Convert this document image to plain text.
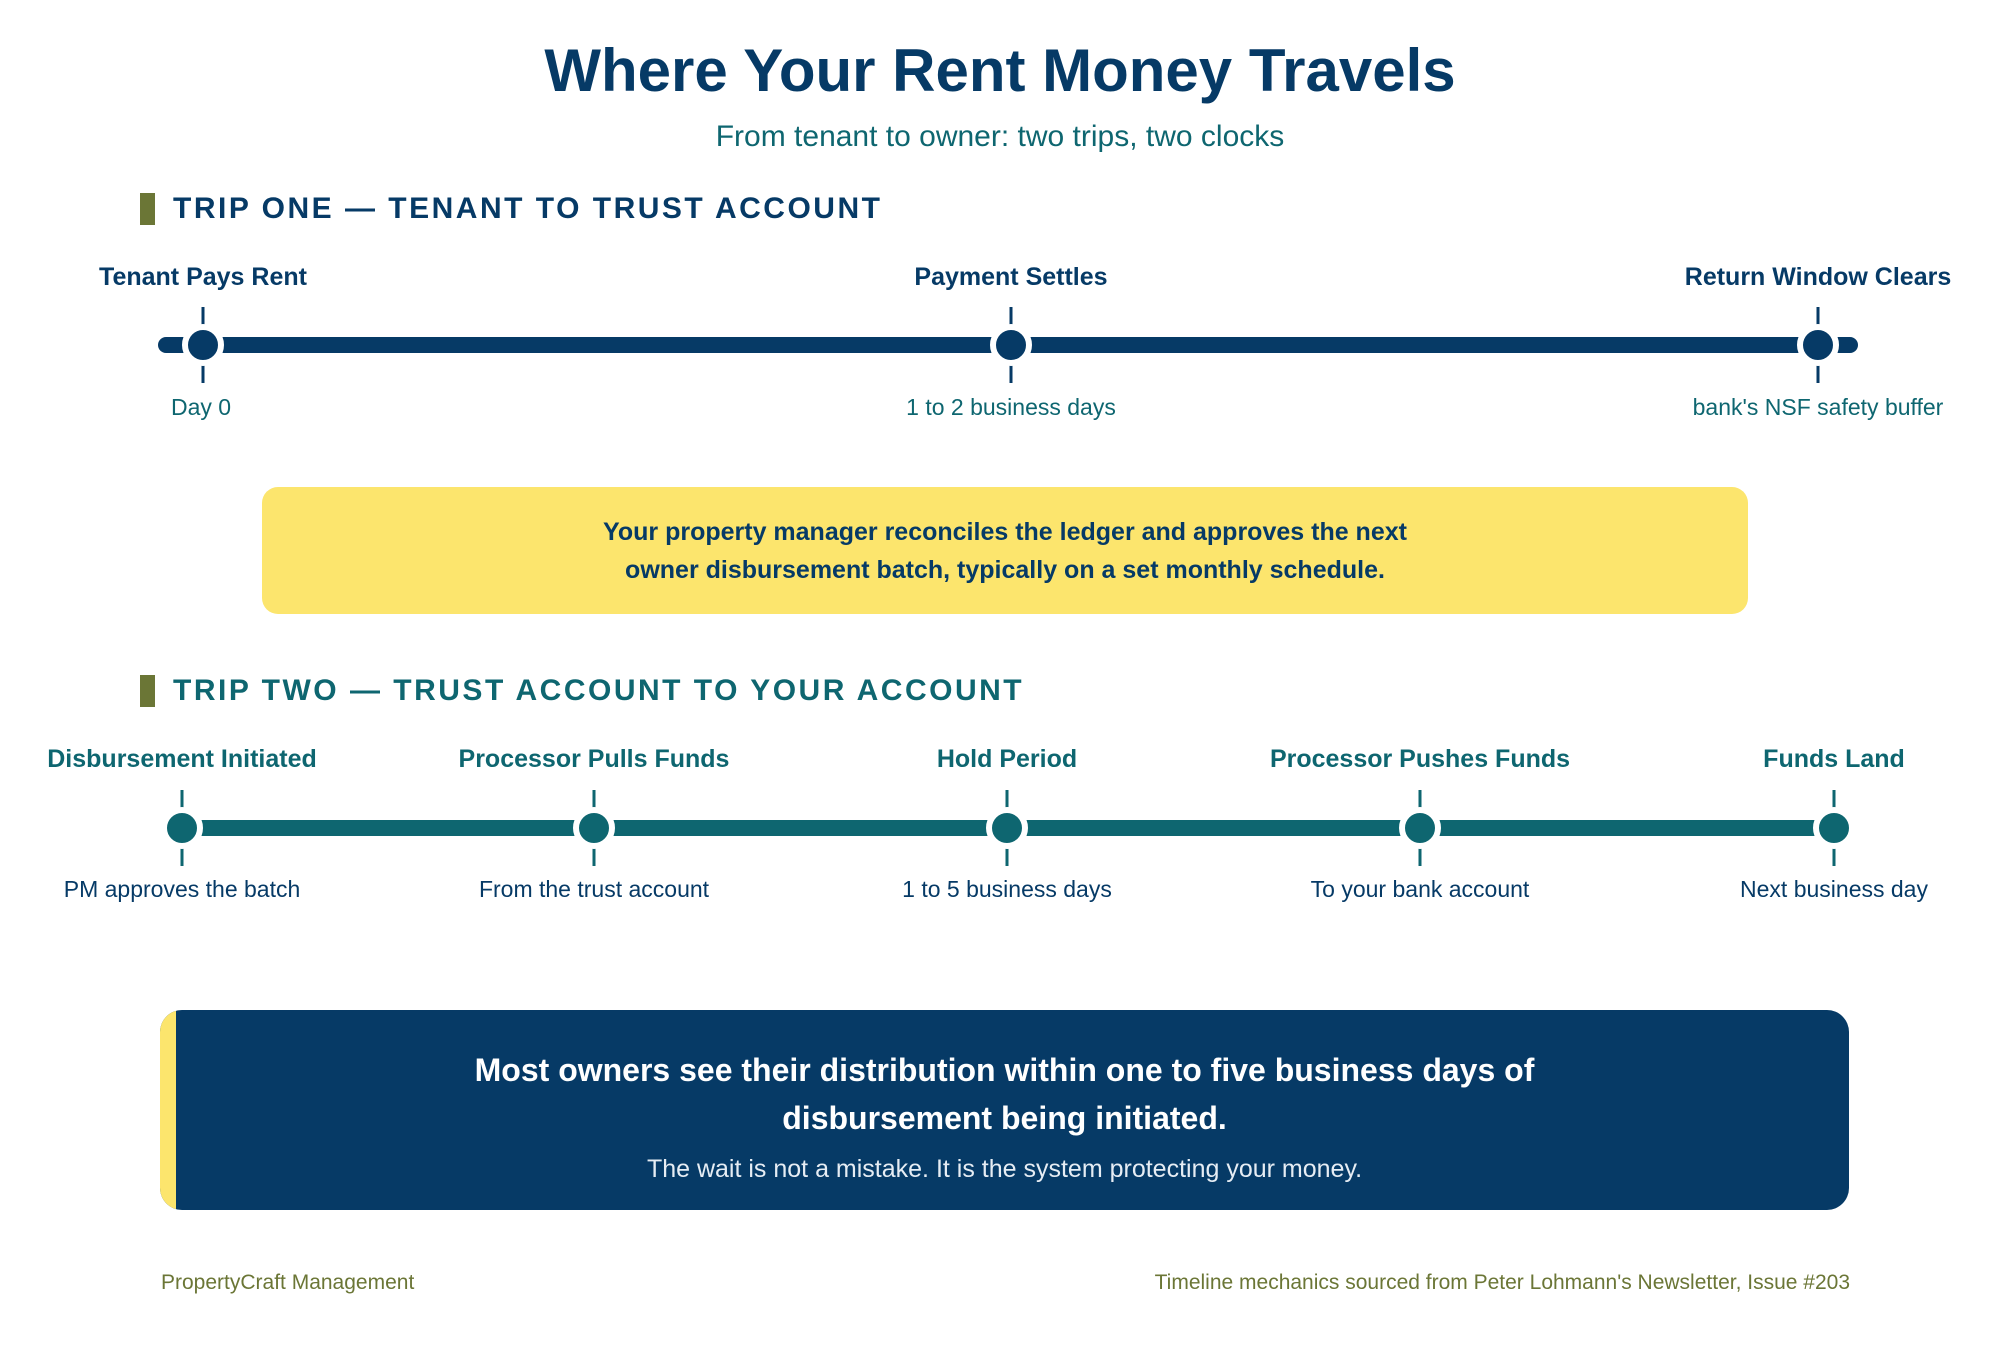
Where Your Rent Money Travels
From tenant to owner: two trips, two clocks
TRIP ONE — TENANT TO TRUST ACCOUNT
Tenant Pays Rent	Payment Settles	Return Window Clears
Day 0	1 to 2 business days	bank's NSF safety buffer
Your property manager reconciles the ledger and approves the next owner disbursement batch, typically on a set monthly schedule.
TRIP TWO — TRUST ACCOUNT TO YOUR ACCOUNT
Disbursement Initiated	Processor Pulls Funds	Hold Period	Processor Pushes Funds	Funds Land
PM approves the batch	From the trust account	1 to 5 business days	To your bank account	Next business day
Most owners see their distribution within one to five business days of disbursement being initiated.
The wait is not a mistake. It is the system protecting your money.
PropertyCraft Management	Timeline mechanics sourced from Peter Lohmann's Newsletter, Issue #203
